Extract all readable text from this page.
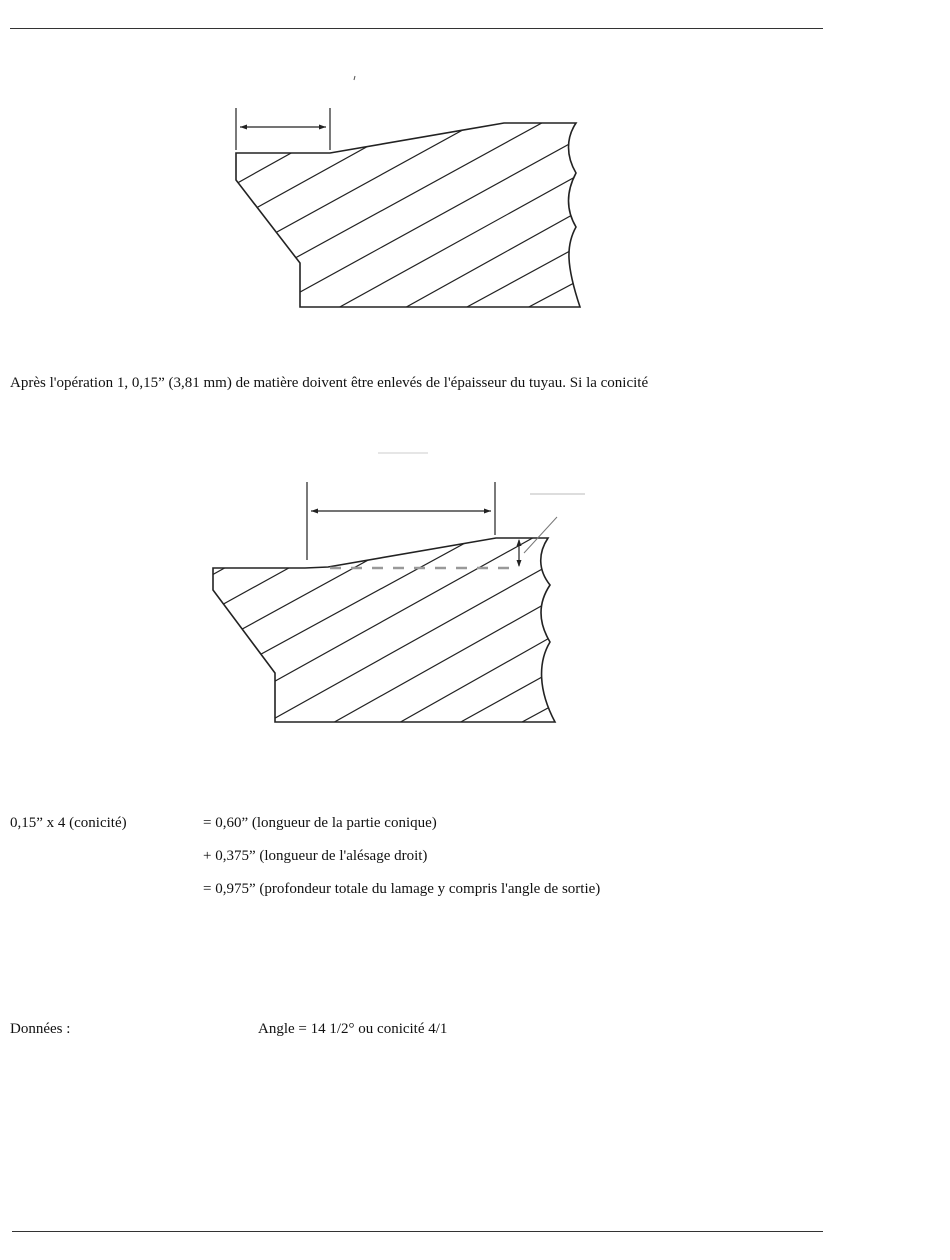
Après l'opération 1, 0,15” (3,81 mm) de matière doivent être enlevés de l'épaisseur du tuyau. Si la conicité
0,15” x 4 (conicité)	= 0,60” (longueur de la partie conique)
+ 0,375” (longueur de l'alésage droit)
= 0,975” (profondeur totale du lamage y compris l'angle de sortie)
Données :	Angle = 14 1/2° ou conicité 4/1
